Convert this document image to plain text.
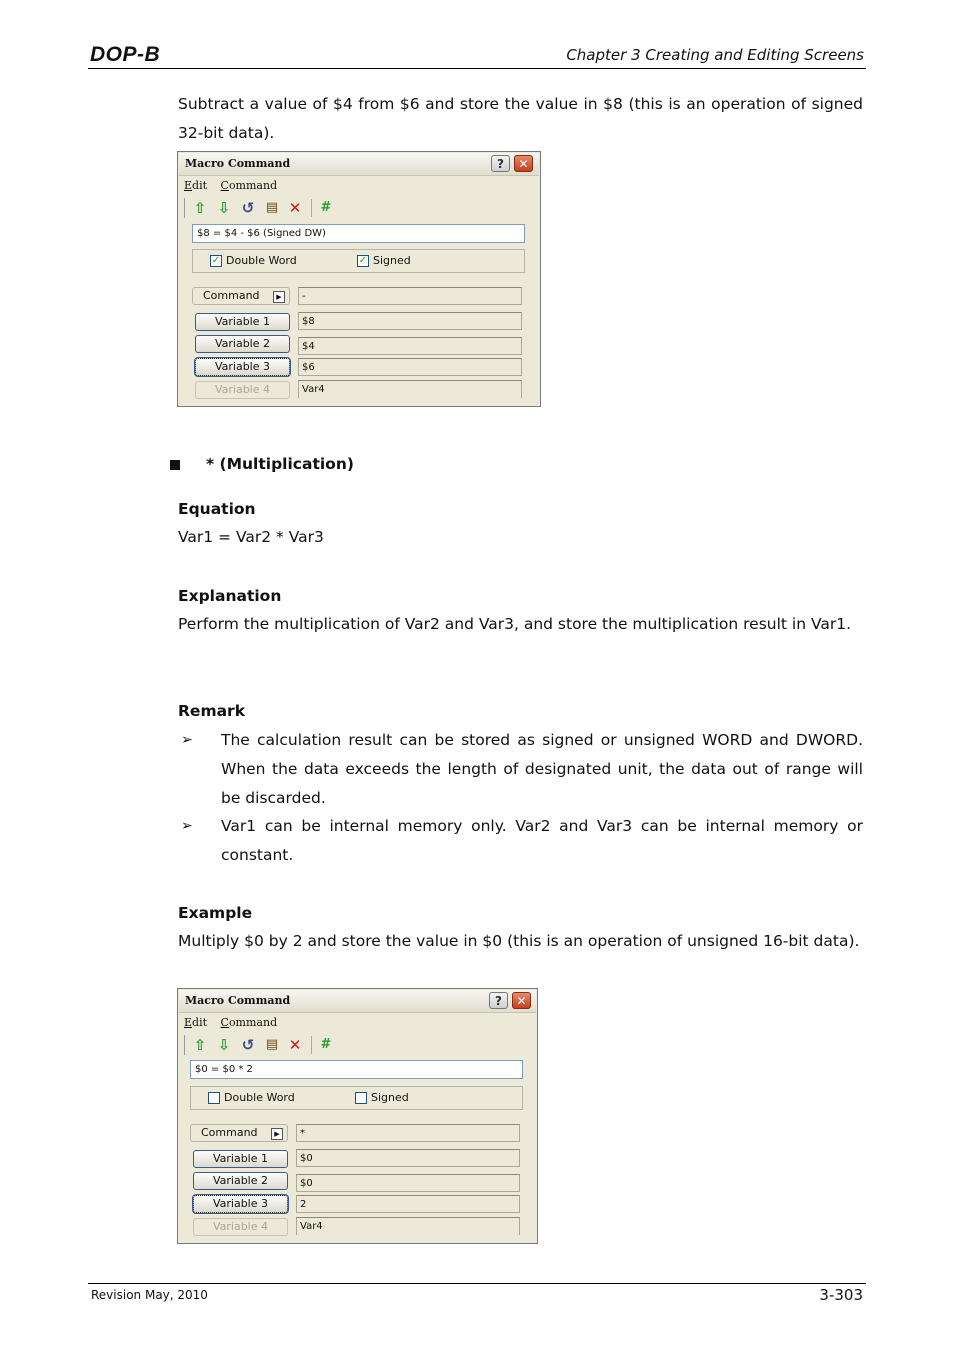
DOP-B	Chapter 3 Creating and Editing Screens

Subtract a value of $4 from $6 and store the value in $8 (this is an operation of signed 32-bit data).

Macro Command	?	✕
Edit Command
⇧ ⇩ ↺ ▤ ✕ #
$8 = $4 - $6 (Signed DW)
✓ Double Word	✓ Signed
Command	▶	-
Variable 1	$8
Variable 2	$4
Variable 3	$6
Variable 4	Var4
* (Multiplication)

Equation

Var1 = Var2 * Var3

Explanation

Perform the multiplication of Var2 and Var3, and store the multiplication result in Var1.

Remark

➢ The calculation result can be stored as signed or unsigned WORD and DWORD. When the data exceeds the length of designated unit, the data out of range will be discarded.
➢ Var1 can be internal memory only. Var2 and Var3 can be internal memory or constant.

Example

Multiply $0 by 2 and store the value in $0 (this is an operation of unsigned 16-bit data).

Macro Command	?	✕
Edit Command
⇧ ⇩ ↺ ▤ ✕ #
$0 = $0 * 2
Double Word	Signed
Command	▶	*
Variable 1	$0
Variable 2	$0
Variable 3	2
Variable 4	Var4
Revision May, 2010	3-303
